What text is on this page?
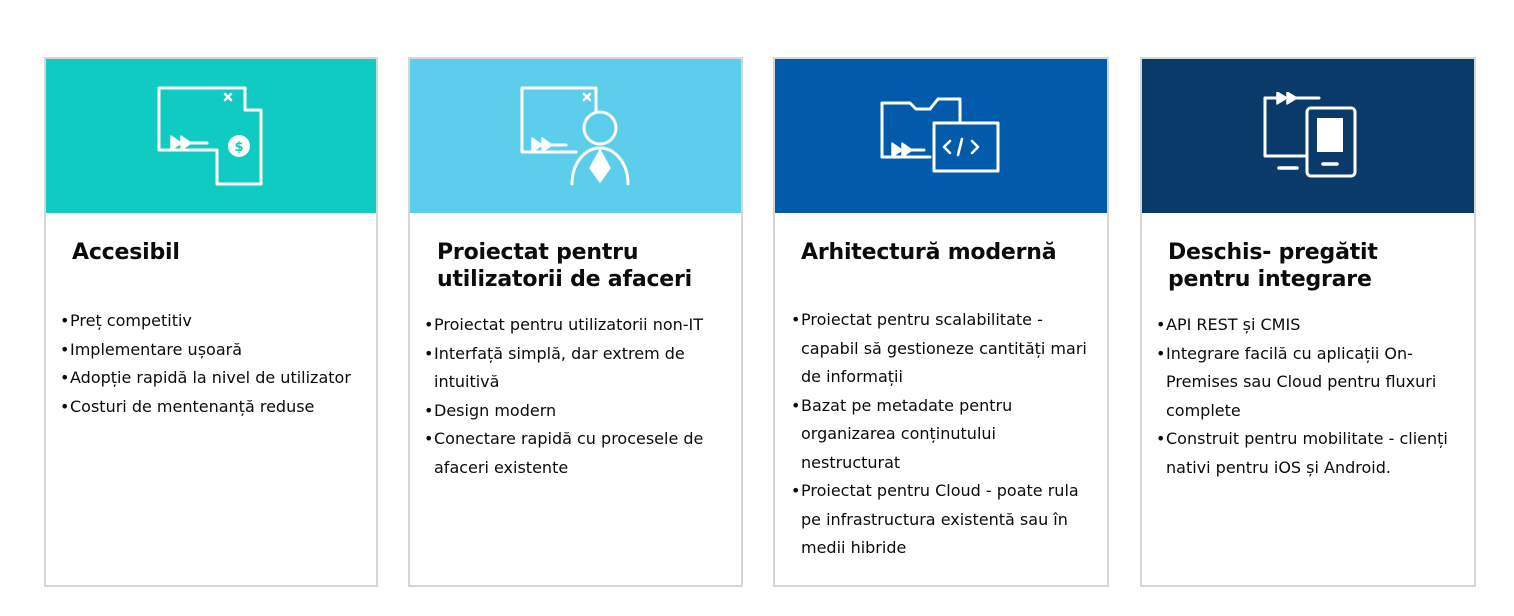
$
Accesibil
• Preț competitiv
• Implementare ușoară
• Adopție rapidă la nivel de utilizator
• Costuri de mentenanță reduse
Proiectat pentru utilizatorii de afaceri
• Proiectat pentru utilizatorii non-IT
• Interfață simplă, dar extrem de intuitivă
• Design modern
• Conectare rapidă cu procesele de afaceri existente
Arhitectură modernă
• Proiectat pentru scalabilitate - capabil să gestioneze cantități mari de informații
• Bazat pe metadate pentru organizarea conținutului nestructurat
• Proiectat pentru Cloud - poate rula pe infrastructura existentă sau în medii hibride
Deschis- pregătit pentru integrare
• API REST și CMIS
• Integrare facilă cu aplicații On-Premises sau Cloud pentru fluxuri complete
• Construit pentru mobilitate - clienți nativi pentru iOS și Android.
